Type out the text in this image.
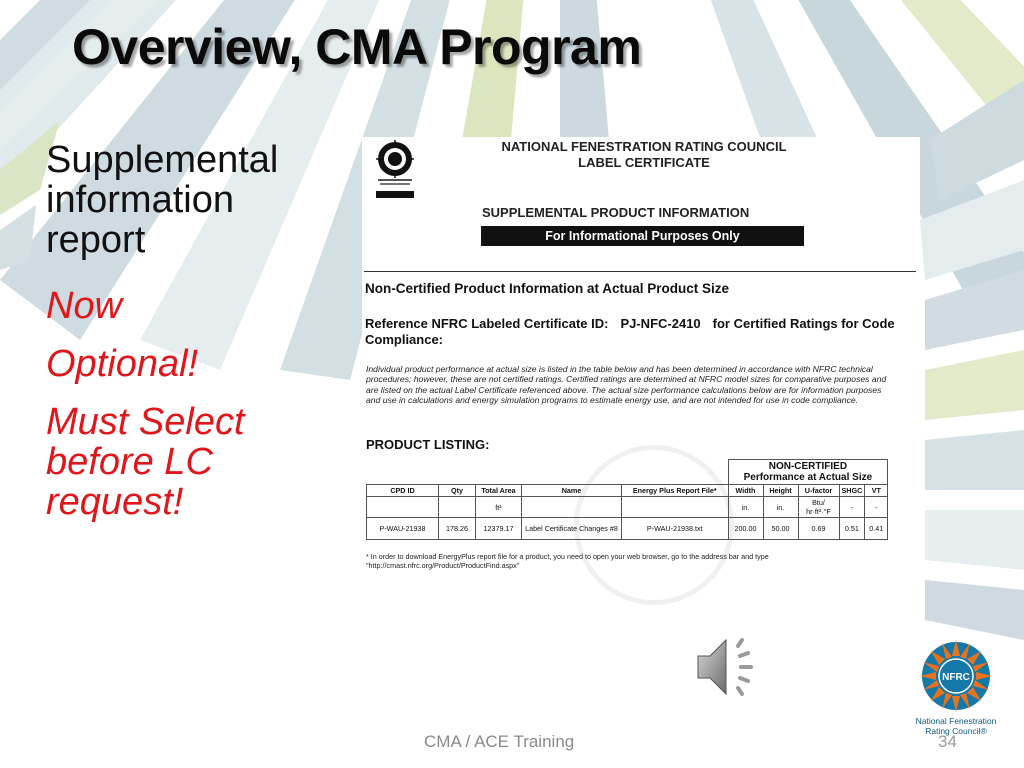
Overview, CMA Program
Supplemental
information
report
Now
Optional!
Must Select
before LC
request!
NATIONAL FENESTRATION RATING COUNCIL
LABEL CERTIFICATE
SUPPLEMENTAL PRODUCT INFORMATION
For Informational Purposes Only
Non-Certified Product Information at Actual Product Size
Reference NFRC Labeled Certificate ID: PJ-NFC-2410 for Certified Ratings for Code Compliance:
Individual product performance at actual size is listed in the table below and has been determined in accordance with NFRC technical procedures; however, these are not certified ratings. Certified ratings are determined at NFRC model sizes for comparative purposes and are listed on the actual Label Certificate referenced above. The actual size performance calculations below are for information purposes and use in calculations and energy simulation programs to estimate energy use, and are not intended for use in code compliance.
PRODUCT LISTING:

					NON-CERTIFIED
Performance at Actual Size				

CPD ID	Qty	Total Area	Name	Energy Plus Report File*	Width	Height	U-factor	SHGC	VT
		ft²			in.	in.	Btu/ hr·ft²·°F	-	-
P-WAU-21938	178.26	12379.17	Label Certificate Changes #8	P-WAU-21938.txt	200.00	50.00	0.69	0.51	0.41
* In order to download EnergyPlus report file for a product, you need to open your web browser, go to the address bar and type "http://cmast.nfrc.org/Product/ProductFind.aspx"
CMA / ACE Training	34
NFRC
National Fenestration
Rating Council®
